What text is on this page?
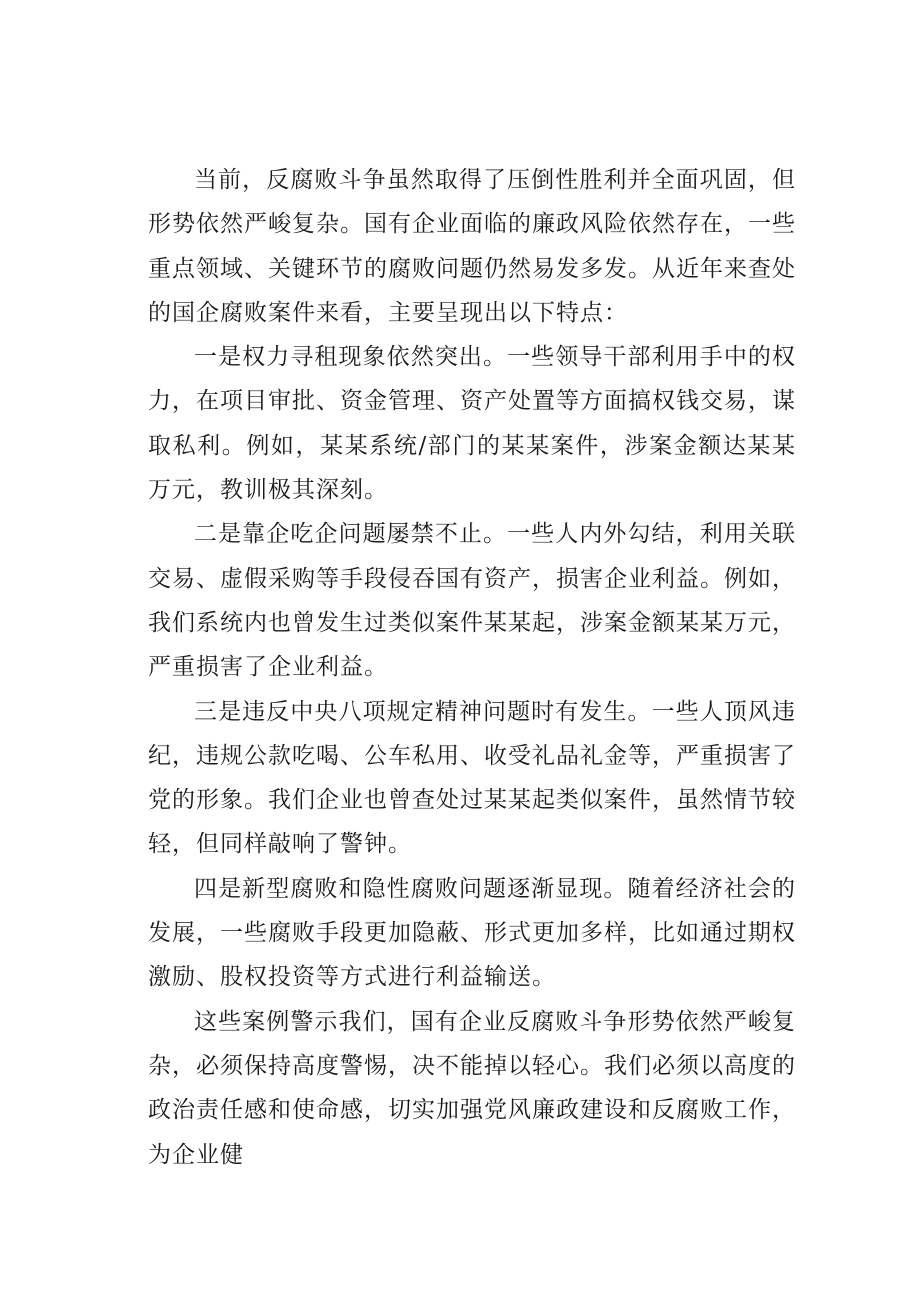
当前，反腐败斗争虽然取得了压倒性胜利并全面巩固，但形势依然严峻复杂。国有企业面临的廉政风险依然存在，一些重点领域、关键环节的腐败问题仍然易发多发。从近年来查处的国企腐败案件来看，主要呈现出以下特点：

一是权力寻租现象依然突出。一些领导干部利用手中的权力，在项目审批、资金管理、资产处置等方面搞权钱交易，谋取私利。例如，某某系统/部门的某某案件，涉案金额达某某万元，教训极其深刻。

二是靠企吃企问题屡禁不止。一些人内外勾结，利用关联交易、虚假采购等手段侵吞国有资产，损害企业利益。例如，我们系统内也曾发生过类似案件某某起，涉案金额某某万元，严重损害了企业利益。

三是违反中央八项规定精神问题时有发生。一些人顶风违纪，违规公款吃喝、公车私用、收受礼品礼金等，严重损害了党的形象。我们企业也曾查处过某某起类似案件，虽然情节较轻，但同样敲响了警钟。

四是新型腐败和隐性腐败问题逐渐显现。随着经济社会的发展，一些腐败手段更加隐蔽、形式更加多样，比如通过期权激励、股权投资等方式进行利益输送。

这些案例警示我们，国有企业反腐败斗争形势依然严峻复杂，必须保持高度警惕，决不能掉以轻心。我们必须以高度的政治责任感和使命感，切实加强党风廉政建设和反腐败工作，为企业健
